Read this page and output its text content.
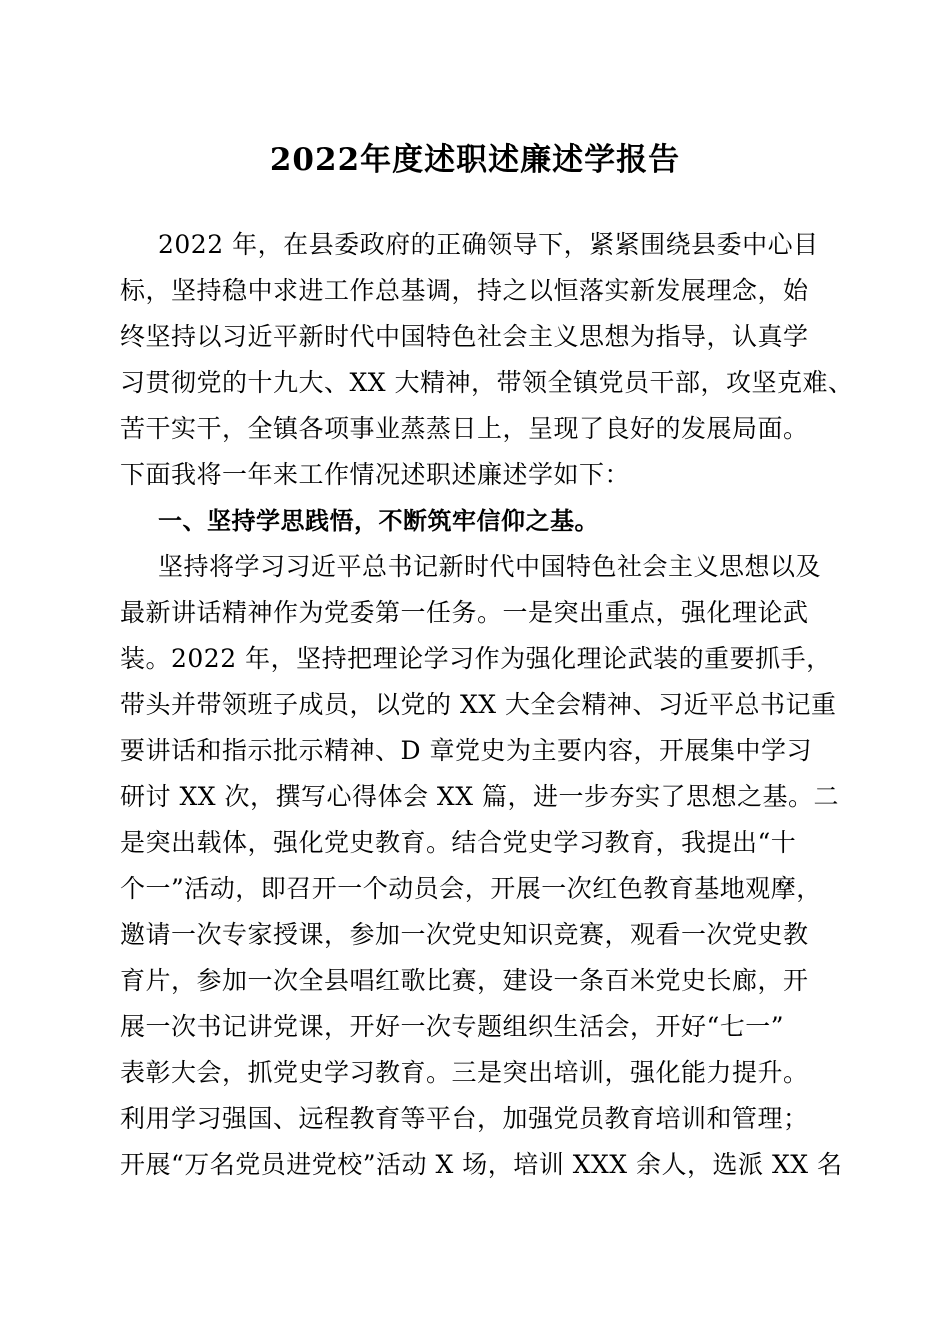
2022年度述职述廉述学报告
2022 年，在县委政府的正确领导下，紧紧围绕县委中心目
标，坚持稳中求进工作总基调，持之以恒落实新发展理念，始
终坚持以习近平新时代中国特色社会主义思想为指导，认真学
习贯彻党的十九大、XX 大精神，带领全镇党员干部，攻坚克难、
苦干实干，全镇各项事业蒸蒸日上，呈现了良好的发展局面。
下面我将一年来工作情况述职述廉述学如下：
一、坚持学思践悟，不断筑牢信仰之基。
坚持将学习习近平总书记新时代中国特色社会主义思想以及
最新讲话精神作为党委第一任务。一是突出重点，强化理论武
装。2022 年，坚持把理论学习作为强化理论武装的重要抓手，
带头并带领班子成员，以党的 XX 大全会精神、习近平总书记重
要讲话和指示批示精神、D 章党史为主要内容，开展集中学习
研讨 XX 次，撰写心得体会 XX 篇，进一步夯实了思想之基。二
是突出载体，强化党史教育。结合党史学习教育，我提出“十
个一”活动，即召开一个动员会，开展一次红色教育基地观摩，
邀请一次专家授课，参加一次党史知识竞赛，观看一次党史教
育片，参加一次全县唱红歌比赛，建设一条百米党史长廊，开
展一次书记讲党课，开好一次专题组织生活会，开好“七一”
表彰大会，抓党史学习教育。三是突出培训，强化能力提升。
利用学习强国、远程教育等平台，加强党员教育培训和管理；
开展“万名党员进党校”活动 X 场，培训 XXX 余人，选派 XX 名
